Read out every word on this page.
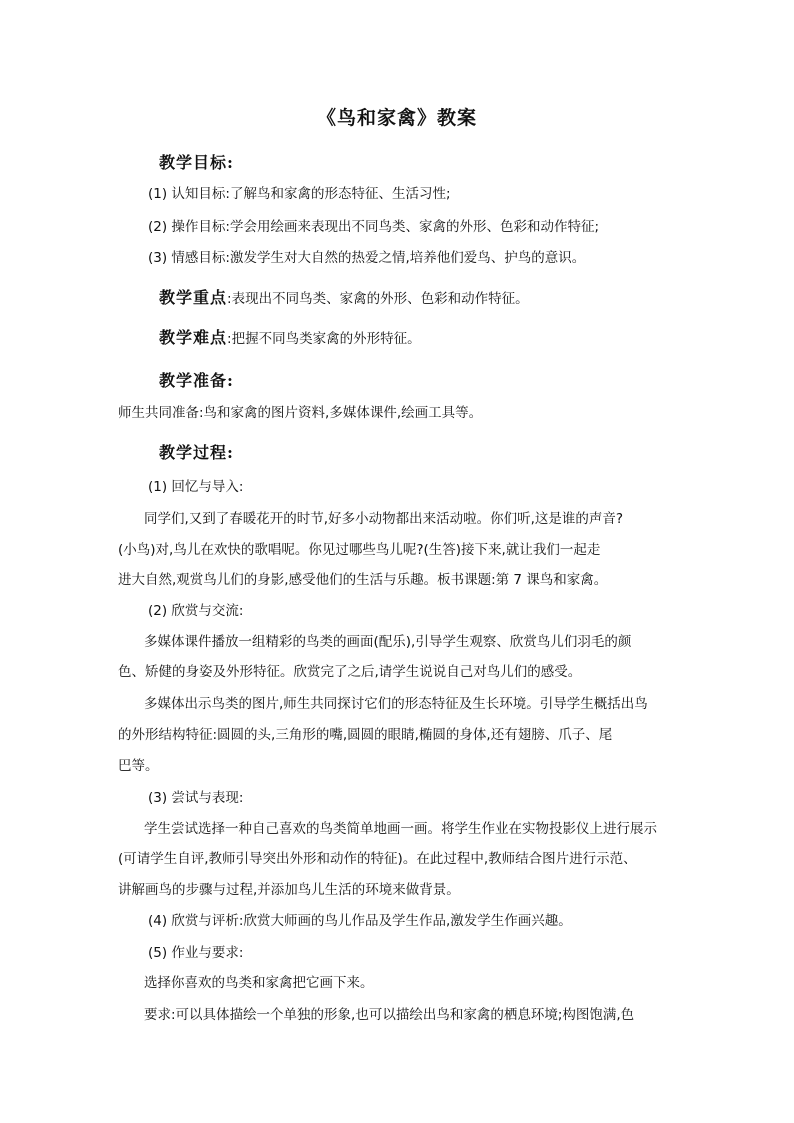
《鸟和家禽》教案
教学目标:
(1) 认知目标:了解鸟和家禽的形态特征、生活习性;
(2) 操作目标:学会用绘画来表现出不同鸟类、家禽的外形、色彩和动作特征;
(3) 情感目标:激发学生对大自然的热爱之情,培养他们爱鸟、护鸟的意识。
教学重点:表现出不同鸟类、家禽的外形、色彩和动作特征。
教学难点:把握不同鸟类家禽的外形特征。
教学准备:
师生共同准备:鸟和家禽的图片资料,多媒体课件,绘画工具等。
教学过程:
(1) 回忆与导入:
同学们,又到了春暖花开的时节,好多小动物都出来活动啦。你们听,这是谁的声音?
(小鸟)对,鸟儿在欢快的歌唱呢。你见过哪些鸟儿呢?(生答)接下来,就让我们一起走
进大自然,观赏鸟儿们的身影,感受他们的生活与乐趣。板书课题:第 7 课鸟和家禽。
(2) 欣赏与交流:
多媒体课件播放一组精彩的鸟类的画面(配乐),引导学生观察、欣赏鸟儿们羽毛的颜
色、矫健的身姿及外形特征。欣赏完了之后,请学生说说自己对鸟儿们的感受。
多媒体出示鸟类的图片,师生共同探讨它们的形态特征及生长环境。引导学生概括出鸟
的外形结构特征:圆圆的头,三角形的嘴,圆圆的眼睛,椭圆的身体,还有翅膀、爪子、尾
巴等。
(3) 尝试与表现:
学生尝试选择一种自己喜欢的鸟类简单地画一画。将学生作业在实物投影仪上进行展示
(可请学生自评,教师引导突出外形和动作的特征)。在此过程中,教师结合图片进行示范、
讲解画鸟的步骤与过程,并添加鸟儿生活的环境来做背景。
(4) 欣赏与评析:欣赏大师画的鸟儿作品及学生作品,激发学生作画兴趣。
(5) 作业与要求:
选择你喜欢的鸟类和家禽把它画下来。
要求:可以具体描绘一个单独的形象,也可以描绘出鸟和家禽的栖息环境;构图饱满,色
